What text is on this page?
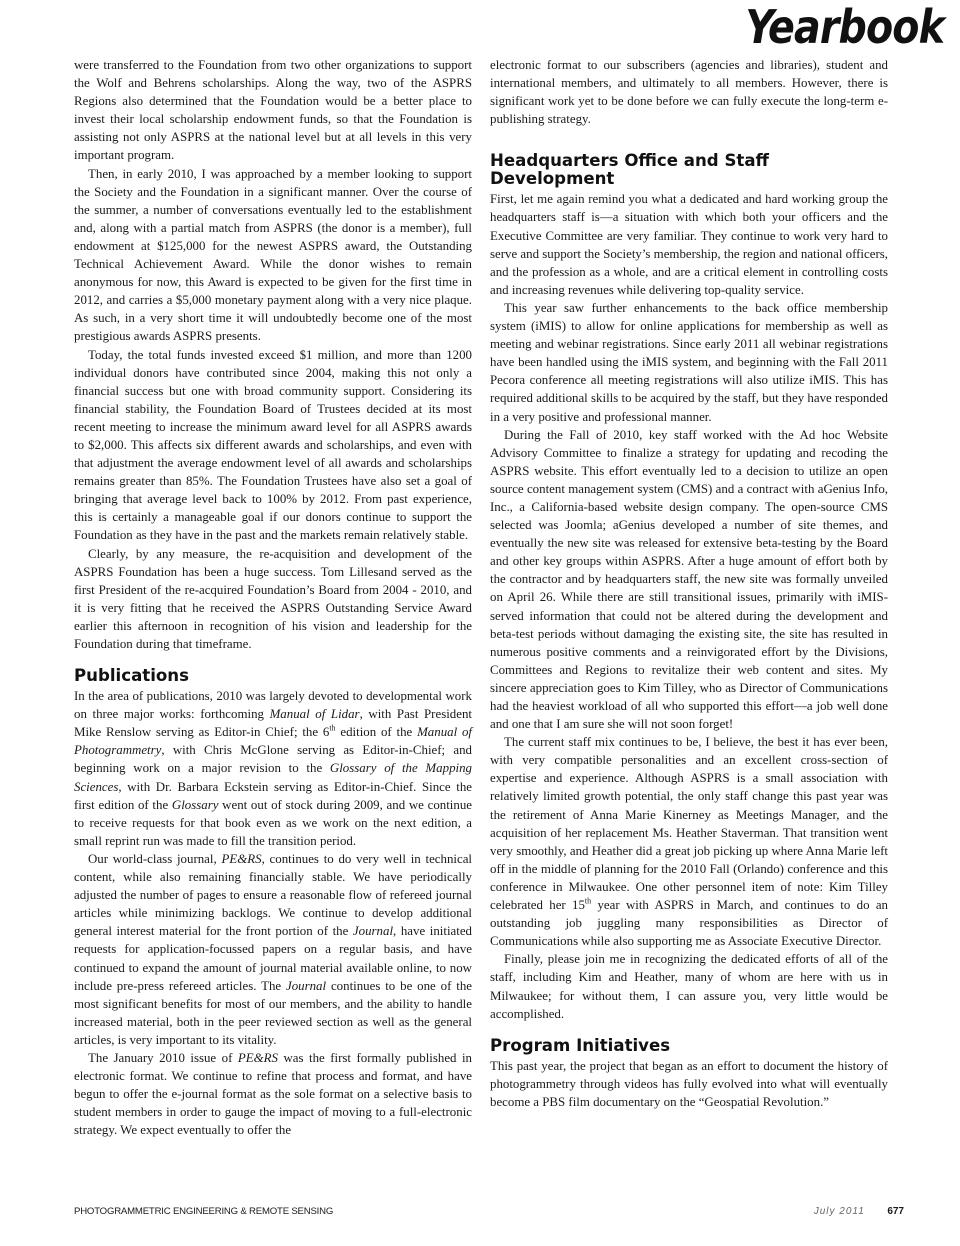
Yearbook

were transferred to the Foundation from two other organizations to support the Wolf and Behrens scholarships. Along the way, two of the ASPRS Regions also determined that the Foundation would be a better place to invest their local scholarship endowment funds, so that the Foundation is assisting not only ASPRS at the national level but at all levels in this very important program.

Then, in early 2010, I was approached by a member looking to support the Society and the Foundation in a significant manner. Over the course of the summer, a number of conversations eventually led to the establishment and, along with a partial match from ASPRS (the donor is a member), full endowment at $125,000 for the newest ASPRS award, the Outstanding Technical Achievement Award. While the donor wishes to remain anonymous for now, this Award is expected to be given for the first time in 2012, and carries a $5,000 monetary payment along with a very nice plaque. As such, in a very short time it will undoubtedly become one of the most prestigious awards ASPRS presents.

Today, the total funds invested exceed $1 million, and more than 1200 individual donors have contributed since 2004, making this not only a financial success but one with broad community support. Considering its financial stability, the Foundation Board of Trustees decided at its most recent meeting to increase the minimum award level for all ASPRS awards to $2,000. This affects six different awards and scholarships, and even with that adjustment the average endowment level of all awards and scholarships remains greater than 85%. The Foundation Trustees have also set a goal of bringing that average level back to 100% by 2012. From past experience, this is certainly a manageable goal if our donors continue to support the Foundation as they have in the past and the markets remain relatively stable.

Clearly, by any measure, the re-acquisition and development of the ASPRS Foundation has been a huge success. Tom Lillesand served as the first President of the re-acquired Foundation’s Board from 2004 - 2010, and it is very fitting that he received the ASPRS Outstanding Service Award earlier this afternoon in recognition of his vision and leadership for the Foundation during that timeframe.

Publications

In the area of publications, 2010 was largely devoted to developmental work on three major works: forthcoming Manual of Lidar, with Past President Mike Renslow serving as Editor-in Chief; the 6th edition of the Manual of Photogrammetry, with Chris McGlone serving as Editor-in-Chief; and beginning work on a major revision to the Glossary of the Mapping Sciences, with Dr. Barbara Eckstein serving as Editor-in-Chief. Since the first edition of the Glossary went out of stock during 2009, and we continue to receive requests for that book even as we work on the next edition, a small reprint run was made to fill the transition period.

Our world-class journal, PE&RS, continues to do very well in technical content, while also remaining financially stable. We have periodically adjusted the number of pages to ensure a reasonable flow of refereed journal articles while minimizing backlogs. We continue to develop additional general interest material for the front portion of the Journal, have initiated requests for application-focussed papers on a regular basis, and have continued to expand the amount of journal material available online, to now include pre-press refereed articles. The Journal continues to be one of the most significant benefits for most of our members, and the ability to handle increased material, both in the peer reviewed section as well as the general articles, is very important to its vitality.

The January 2010 issue of PE&RS was the first formally published in electronic format. We continue to refine that process and format, and have begun to offer the e-journal format as the sole format on a selective basis to student members in order to gauge the impact of moving to a full-electronic strategy. We expect eventually to offer the

electronic format to our subscribers (agencies and libraries), student and international members, and ultimately to all members. However, there is significant work yet to be done before we can fully execute the long-term e-publishing strategy.

Headquarters Office and Staff Development

First, let me again remind you what a dedicated and hard working group the headquarters staff is—a situation with which both your officers and the Executive Committee are very familiar. They continue to work very hard to serve and support the Society’s membership, the region and national officers, and the profession as a whole, and are a critical element in controlling costs and increasing revenues while delivering top-quality service.

This year saw further enhancements to the back office membership system (iMIS) to allow for online applications for membership as well as meeting and webinar registrations. Since early 2011 all webinar registrations have been handled using the iMIS system, and beginning with the Fall 2011 Pecora conference all meeting registrations will also utilize iMIS. This has required additional skills to be acquired by the staff, but they have responded in a very positive and professional manner.

During the Fall of 2010, key staff worked with the Ad hoc Website Advisory Committee to finalize a strategy for updating and recoding the ASPRS website. This effort eventually led to a decision to utilize an open source content management system (CMS) and a contract with aGenius Info, Inc., a California-based website design company. The open-source CMS selected was Joomla; aGenius developed a number of site themes, and eventually the new site was released for extensive beta-testing by the Board and other key groups within ASPRS. After a huge amount of effort both by the contractor and by headquarters staff, the new site was formally unveiled on April 26. While there are still transitional issues, primarily with iMIS-served information that could not be altered during the development and beta-test periods without damaging the existing site, the site has resulted in numerous positive comments and a reinvigorated effort by the Divisions, Committees and Regions to revitalize their web content and sites. My sincere appreciation goes to Kim Tilley, who as Director of Communications had the heaviest workload of all who supported this effort—a job well done and one that I am sure she will not soon forget!

The current staff mix continues to be, I believe, the best it has ever been, with very compatible personalities and an excellent cross-section of expertise and experience. Although ASPRS is a small association with relatively limited growth potential, the only staff change this past year was the retirement of Anna Marie Kinerney as Meetings Manager, and the acquisition of her replacement Ms. Heather Staverman. That transition went very smoothly, and Heather did a great job picking up where Anna Marie left off in the middle of planning for the 2010 Fall (Orlando) conference and this conference in Milwaukee. One other personnel item of note: Kim Tilley celebrated her 15th year with ASPRS in March, and continues to do an outstanding job juggling many responsibilities as Director of Communications while also supporting me as Associate Executive Director.

Finally, please join me in recognizing the dedicated efforts of all of the staff, including Kim and Heather, many of whom are here with us in Milwaukee; for without them, I can assure you, very little would be accomplished.

Program Initiatives

This past year, the project that began as an effort to document the history of photogrammetry through videos has fully evolved into what will eventually become a PBS film documentary on the “Geospatial Revolution.”

PHOTOGRAMMETRIC ENGINEERING & REMOTE SENSING	July 2011 677
